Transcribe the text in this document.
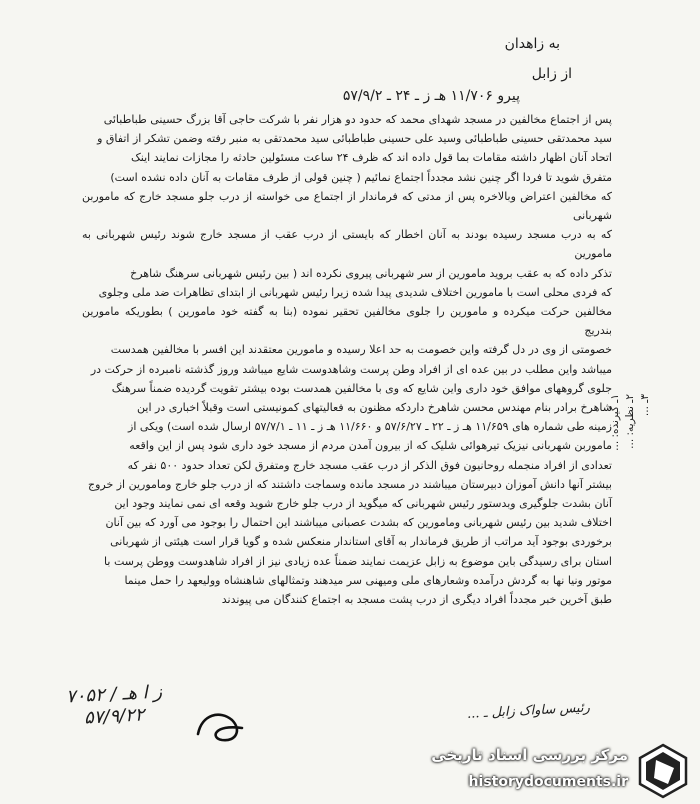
به زاهدان
از زابل
پیرو ۱۱/۷۰۶ هـ ز ـ ۲۴ ـ ۵۷/۹/۲

پس از اجتماع مخالفین در مسجد شهدای محمد که حدود دو هزار نفر با شرکت حاجی آقا بزرگ حسینی طباطبائی

سید محمدتقی حسینی طباطبائی وسید علی حسینی طباطبائی سید محمدتقی به منبر رفته وضمن تشکر از اتفاق و

اتحاد آنان اظهار داشته مقامات بما قول داده اند که ظرف ۲۴ ساعت مسئولین حادثه را مجازات نمایند اینک

متفرق شوید تا فردا اگر چنین نشد مجدداً اجتماع نمائیم ( چنین قولی از طرف مقامات به آنان داده نشده است)

که مخالفین اعتراض وبالاخره پس از مدتی که فرماندار از اجتماع می خواسته از درب جلو مسجد خارج که ماموربن شهربانی

که به درب مسجد رسیده بودند به آنان اخطار که بایستی از درب عقب از مسجد خارج شوند رئیس شهربانی به مامورین

تذکر داده که به عقب بروید مامورین از سر شهربانی پیروی نکرده اند ( بین رئیس شهربانی سرهنگ شاهرخ

که فردی محلی است با مامورین اختلاف شدیدی پیدا شده زیرا رئیس شهربانی از ابتدای تظاهرات ضد ملی وجلوی

مخالفین حرکت میکرده و مامورین را جلوی مخالفین تحقیر نموده (بنا به گفته خود مامورین ) بطوریکه مامورین بندریج

خصومتی از وی در دل گرفته واین خصومت به حد اعلا رسیده و مامورین معتقدند این افسر با مخالفین همدست

میباشد واین مطلب در بین عده ای از افراد وطن پرست وشاهدوست شایع میباشد وروز گذشته نامبرده از حرکت در

جلوی گروههای موافق خود داری واین شایع که وی با مخالفین همدست بوده بیشتر تقویت گردیده ضمناً سرهنگ

شاهرخ برادر بنام مهندس محسن شاهرخ داردکه مظنون به فعالیتهای کمونیستی است وقبلاً اخباری در این

زمینه طی شماره های ۱۱/۶۵۹ هـ ز ـ ۲۲ ـ ۵۷/۶/۲۷ و ۱۱/۶۶۰ هـ ز ـ ۱۱ ـ ۵۷/۷/۱ ارسال شده است) ویکی از

ماموربن شهربانی نیزیک تیرهوائی شلیک که از بیرون آمدن مردم از مسجد خود داری شود پس از این واقعه

تعدادی از افراد منجمله روحانیون فوق الذکر از درب عقب مسجد خارج ومتفرق لکن تعداد حدود ۵۰۰ نفر که

بیشتر آنها دانش آموزان دبیرستان میباشند در مسجد مانده وسماجت داشتند که از درب جلو خارج ومامورین از خروج

آنان بشدت جلوگیری وبدستور رئیس شهربانی که میگوید از درب جلو خارج شوید وقعه ای نمی نمایند وجود این

اختلاف شدید بین رئیس شهربانی ومامورین که بشدت عصبانی میباشند این احتمال را بوجود می آورد که بین آنان

برخوردی بوجود آید مراتب از طریق فرماندار به آقای استاندار منعکس شده و گویا قرار است هیئتی از شهربانی

استان برای رسیدگی باین موضوع به زابل عزیمت نمایند ضمناً عده زیادی نیز از افراد شاهدوست ووطن پرست با

موتور ونیا نها به گردش درآمده وشعارهای ملی ومیهنی سر میدهند وتمثالهای شاهنشاه ووليعهد را حمل مینما

طبق آخرین خبر مجدداً افراد دیگری از درب پشت مسجد به اجتماع کنندگان می پیوندند

۱ـ گیرنده: ...
۲ـ نظریه: ...
۳ـ ...
۷۰۵۲ / ز ا هـ
۵۷/۹/۲۲	رئیس ساواک زابل ـ ...
مرکز بررسی اسناد تاریخی
historydocuments.ir
